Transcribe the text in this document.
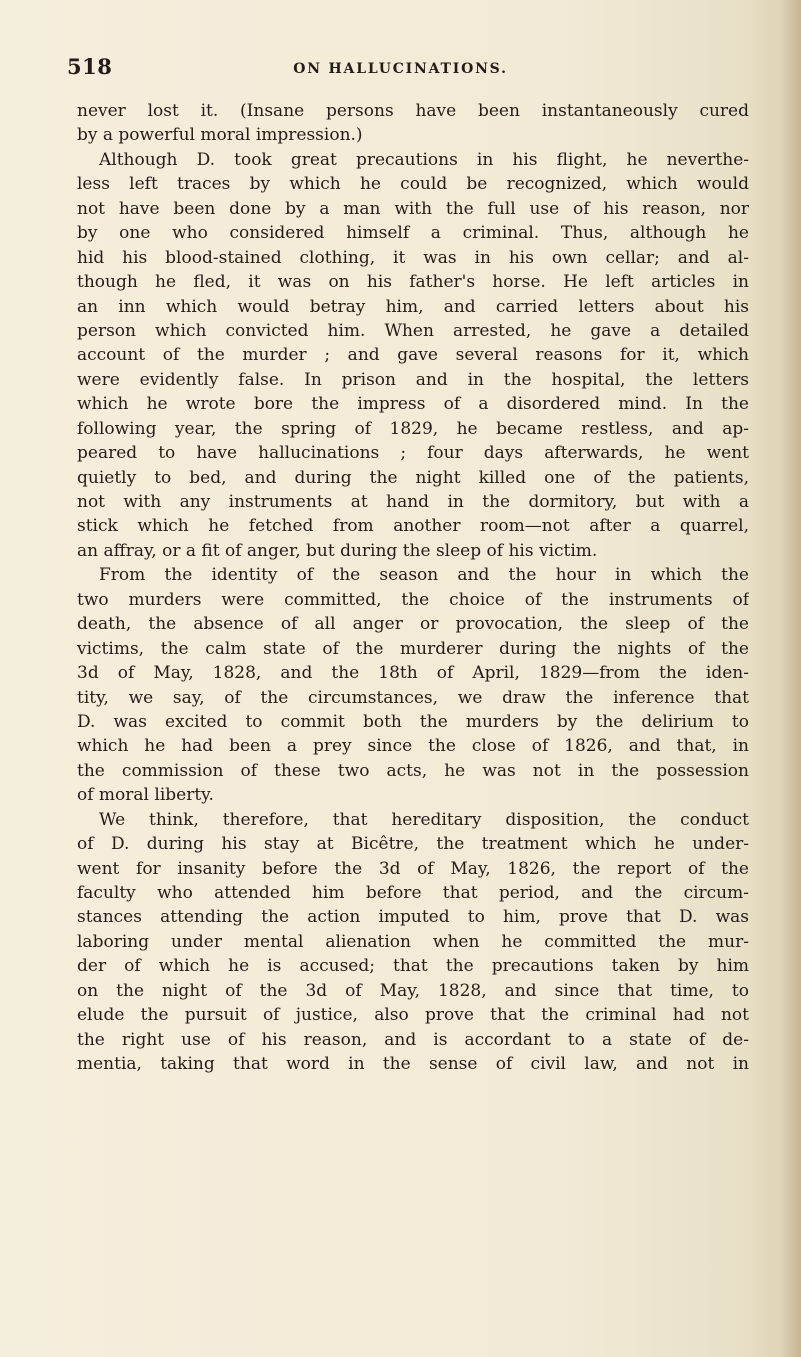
518	ON HALLUCINATIONS.
never lost it. (Insane persons have been instantaneously cured
by a powerful moral impression.)
Although D. took great precautions in his flight, he neverthe-
less left traces by which he could be recognized, which would
not have been done by a man with the full use of his reason, nor
by one who considered himself a criminal. Thus, although he
hid his blood-stained clothing, it was in his own cellar; and al-
though he fled, it was on his father's horse. He left articles in
an inn which would betray him, and carried letters about his
person which convicted him. When arrested, he gave a detailed
account of the murder ; and gave several reasons for it, which
were evidently false. In prison and in the hospital, the letters
which he wrote bore the impress of a disordered mind. In the
following year, the spring of 1829, he became restless, and ap-
peared to have hallucinations ; four days afterwards, he went
quietly to bed, and during the night killed one of the patients,
not with any instruments at hand in the dormitory, but with a
stick which he fetched from another room—not after a quarrel,
an affray, or a fit of anger, but during the sleep of his victim.
From the identity of the season and the hour in which the
two murders were committed, the choice of the instruments of
death, the absence of all anger or provocation, the sleep of the
victims, the calm state of the murderer during the nights of the
3d of May, 1828, and the 18th of April, 1829—from the iden-
tity, we say, of the circumstances, we draw the inference that
D. was excited to commit both the murders by the delirium to
which he had been a prey since the close of 1826, and that, in
the commission of these two acts, he was not in the possession
of moral liberty.
We think, therefore, that hereditary disposition, the conduct
of D. during his stay at Bicêtre, the treatment which he under-
went for insanity before the 3d of May, 1826, the report of the
faculty who attended him before that period, and the circum-
stances attending the action imputed to him, prove that D. was
laboring under mental alienation when he committed the mur-
der of which he is accused; that the precautions taken by him
on the night of the 3d of May, 1828, and since that time, to
elude the pursuit of justice, also prove that the criminal had not
the right use of his reason, and is accordant to a state of de-
mentia, taking that word in the sense of civil law, and not in
